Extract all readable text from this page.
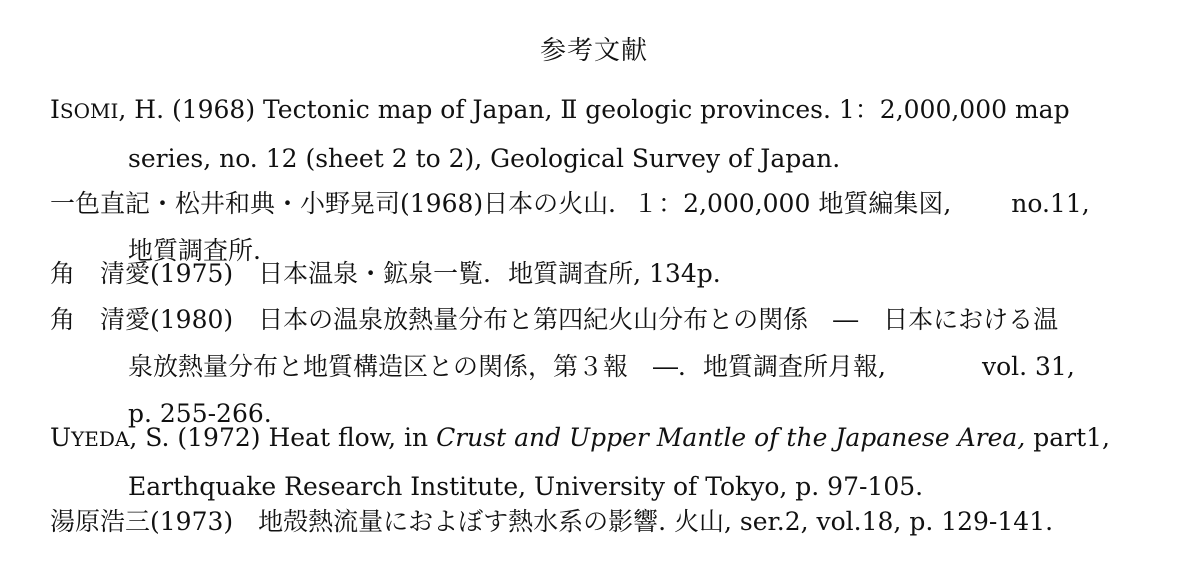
参考文献
ISOMI, H. (1968) Tectonic map of Japan, Ⅱ geologic provinces. 1：2,000,000 map
series, no. 12 (sheet 2 to 2), Geological Survey of Japan.
一色直記・松井和典・小野晃司(1968)日本の火山．１：2,000,000 地質編集図, no.11,
地質調査所.
角　清愛(1975)　日本温泉・鉱泉一覧．地質調査所, 134p.
角　清愛(1980)　日本の温泉放熱量分布と第四紀火山分布との関係　―　日本における温
泉放熱量分布と地質構造区との関係，第３報　―．地質調査所月報,	vol. 31,
p. 255-266.
UYEDA, S. (1972) Heat flow, in Crust and Upper Mantle of the Japanese Area, part1,
Earthquake Research Institute, University of Tokyo, p. 97-105.
湯原浩三(1973)　地殻熱流量におよぼす熱水系の影響. 火山, ser.2, vol.18, p. 129-141.
